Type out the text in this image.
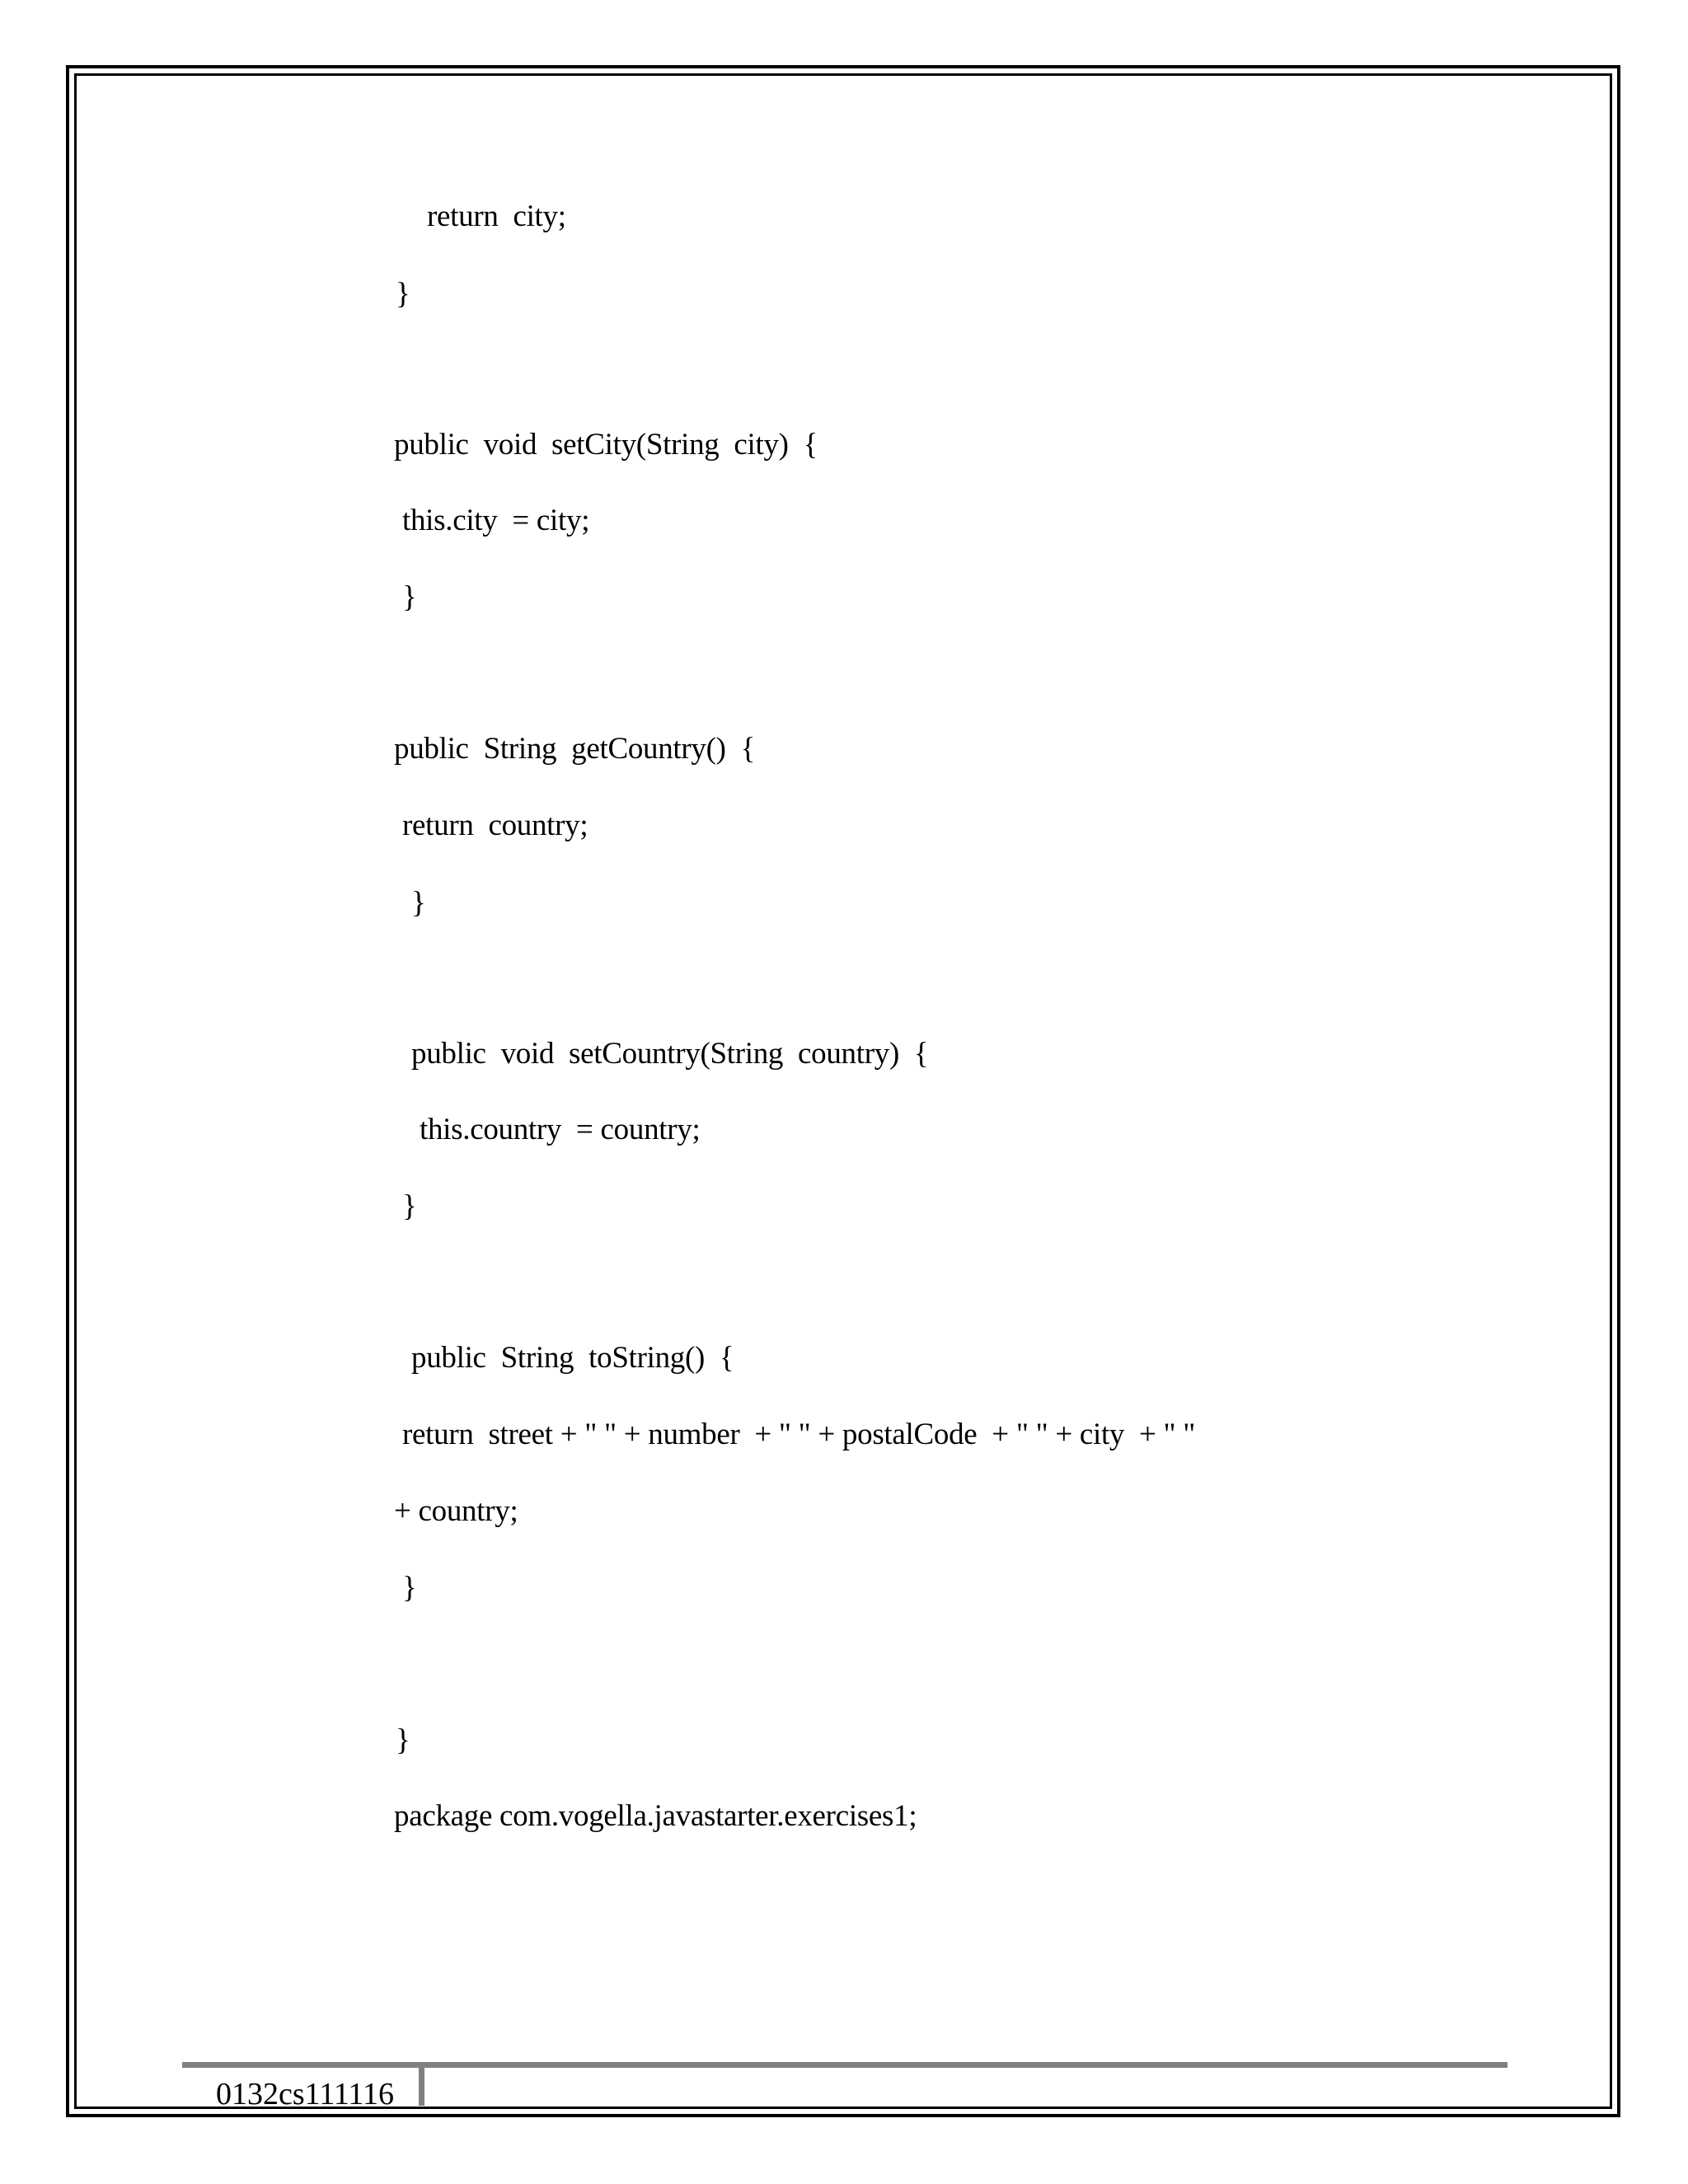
return  city;
}
public  void  setCity(String  city)  {
this.city  = city;
}
public  String  getCountry()  {
return  country;
}
public  void  setCountry(String  country)  {
this.country  = country;
}
public  String  toString()  {
return  street + " " + number  + " " + postalCode  + " " + city  + " "
+ country;
}
}
package com.vogella.javastarter.exercises1;
0132cs111116
